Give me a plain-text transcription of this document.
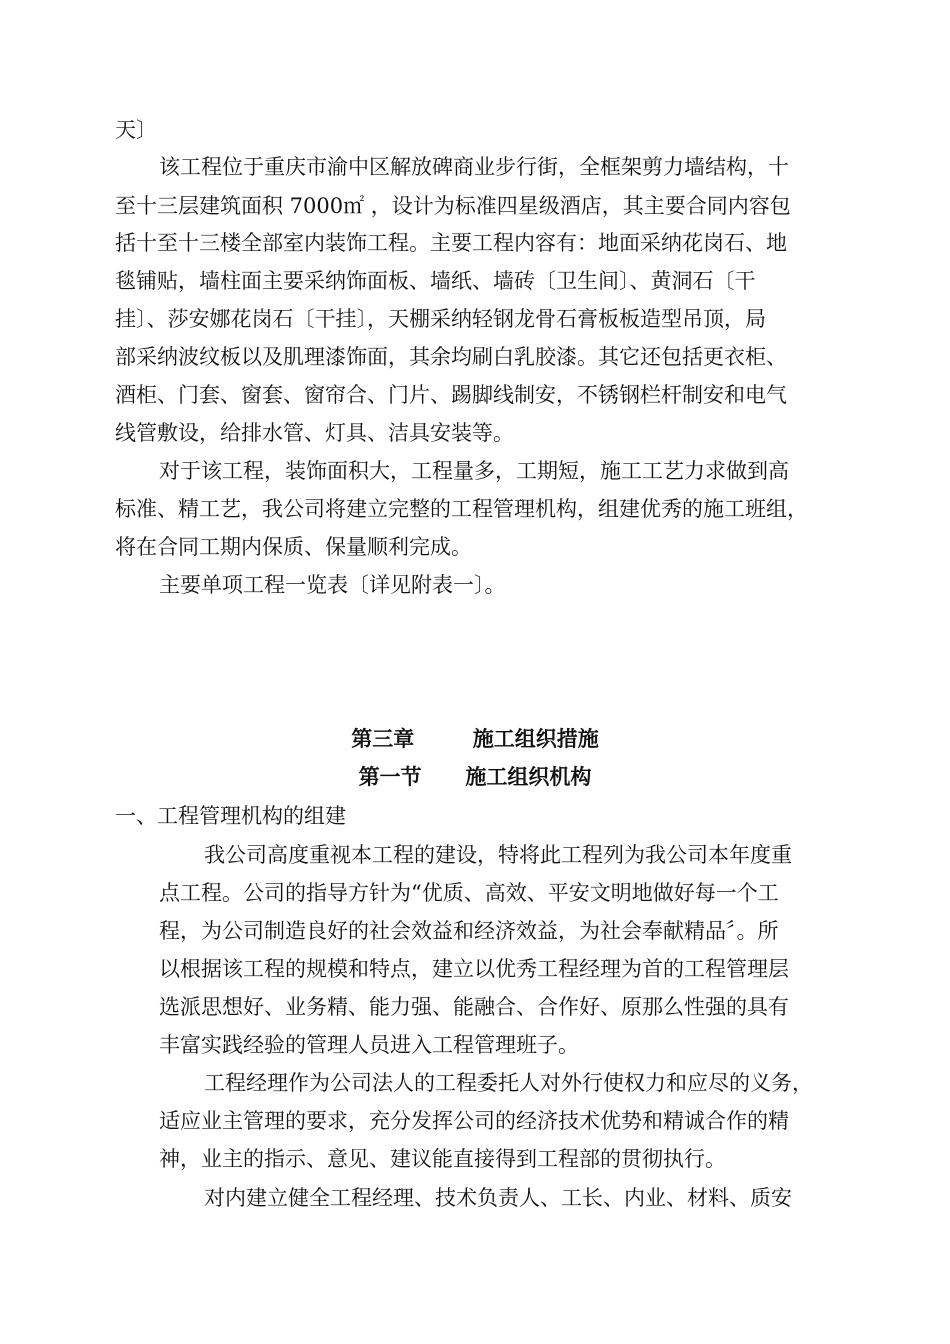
天〕
该工程位于重庆市渝中区解放碑商业步行街，全框架剪力墙结构，十
至十三层建筑面积 7000㎡ ，设计为标准四星级酒店，其主要合同内容包
括十至十三楼全部室内装饰工程。主要工程内容有：地面采纳花岗石、地
毯铺贴，墙柱面主要采纳饰面板、墙纸、墙砖〔卫生间〕、黄洞石〔干
挂〕、莎安娜花岗石〔干挂〕，天棚采纳轻钢龙骨石膏板板造型吊顶，局
部采纳波纹板以及肌理漆饰面，其余均刷白乳胶漆。其它还包括更衣柜、
酒柜、门套、窗套、窗帘合、门片、踢脚线制安，不锈钢栏杆制安和电气
线管敷设，给排水管、灯具、洁具安装等。
对于该工程，装饰面积大，工程量多，工期短，施工工艺力求做到高
标准、精工艺，我公司将建立完整的工程管理机构，组建优秀的施工班组，
将在合同工期内保质、保量顺利完成。
主要单项工程一览表〔详见附表一〕。
第三章        施工组织措施
第一节      施工组织机构
一、工程管理机构的组建
我公司高度重视本工程的建设，特将此工程列为我公司本年度重
点工程。公司的指导方针为“优质、高效、平安文明地做好每一个工
程，为公司制造良好的社会效益和经济效益，为社会奉献精品〞。所
以根据该工程的规模和特点，建立以优秀工程经理为首的工程管理层
选派思想好、业务精、能力强、能融合、合作好、原那么性强的具有
丰富实践经验的管理人员进入工程管理班子。
工程经理作为公司法人的工程委托人对外行使权力和应尽的义务，
适应业主管理的要求，充分发挥公司的经济技术优势和精诚合作的精
神，业主的指示、意见、建议能直接得到工程部的贯彻执行。
对内建立健全工程经理、技术负责人、工长、内业、材料、质安
